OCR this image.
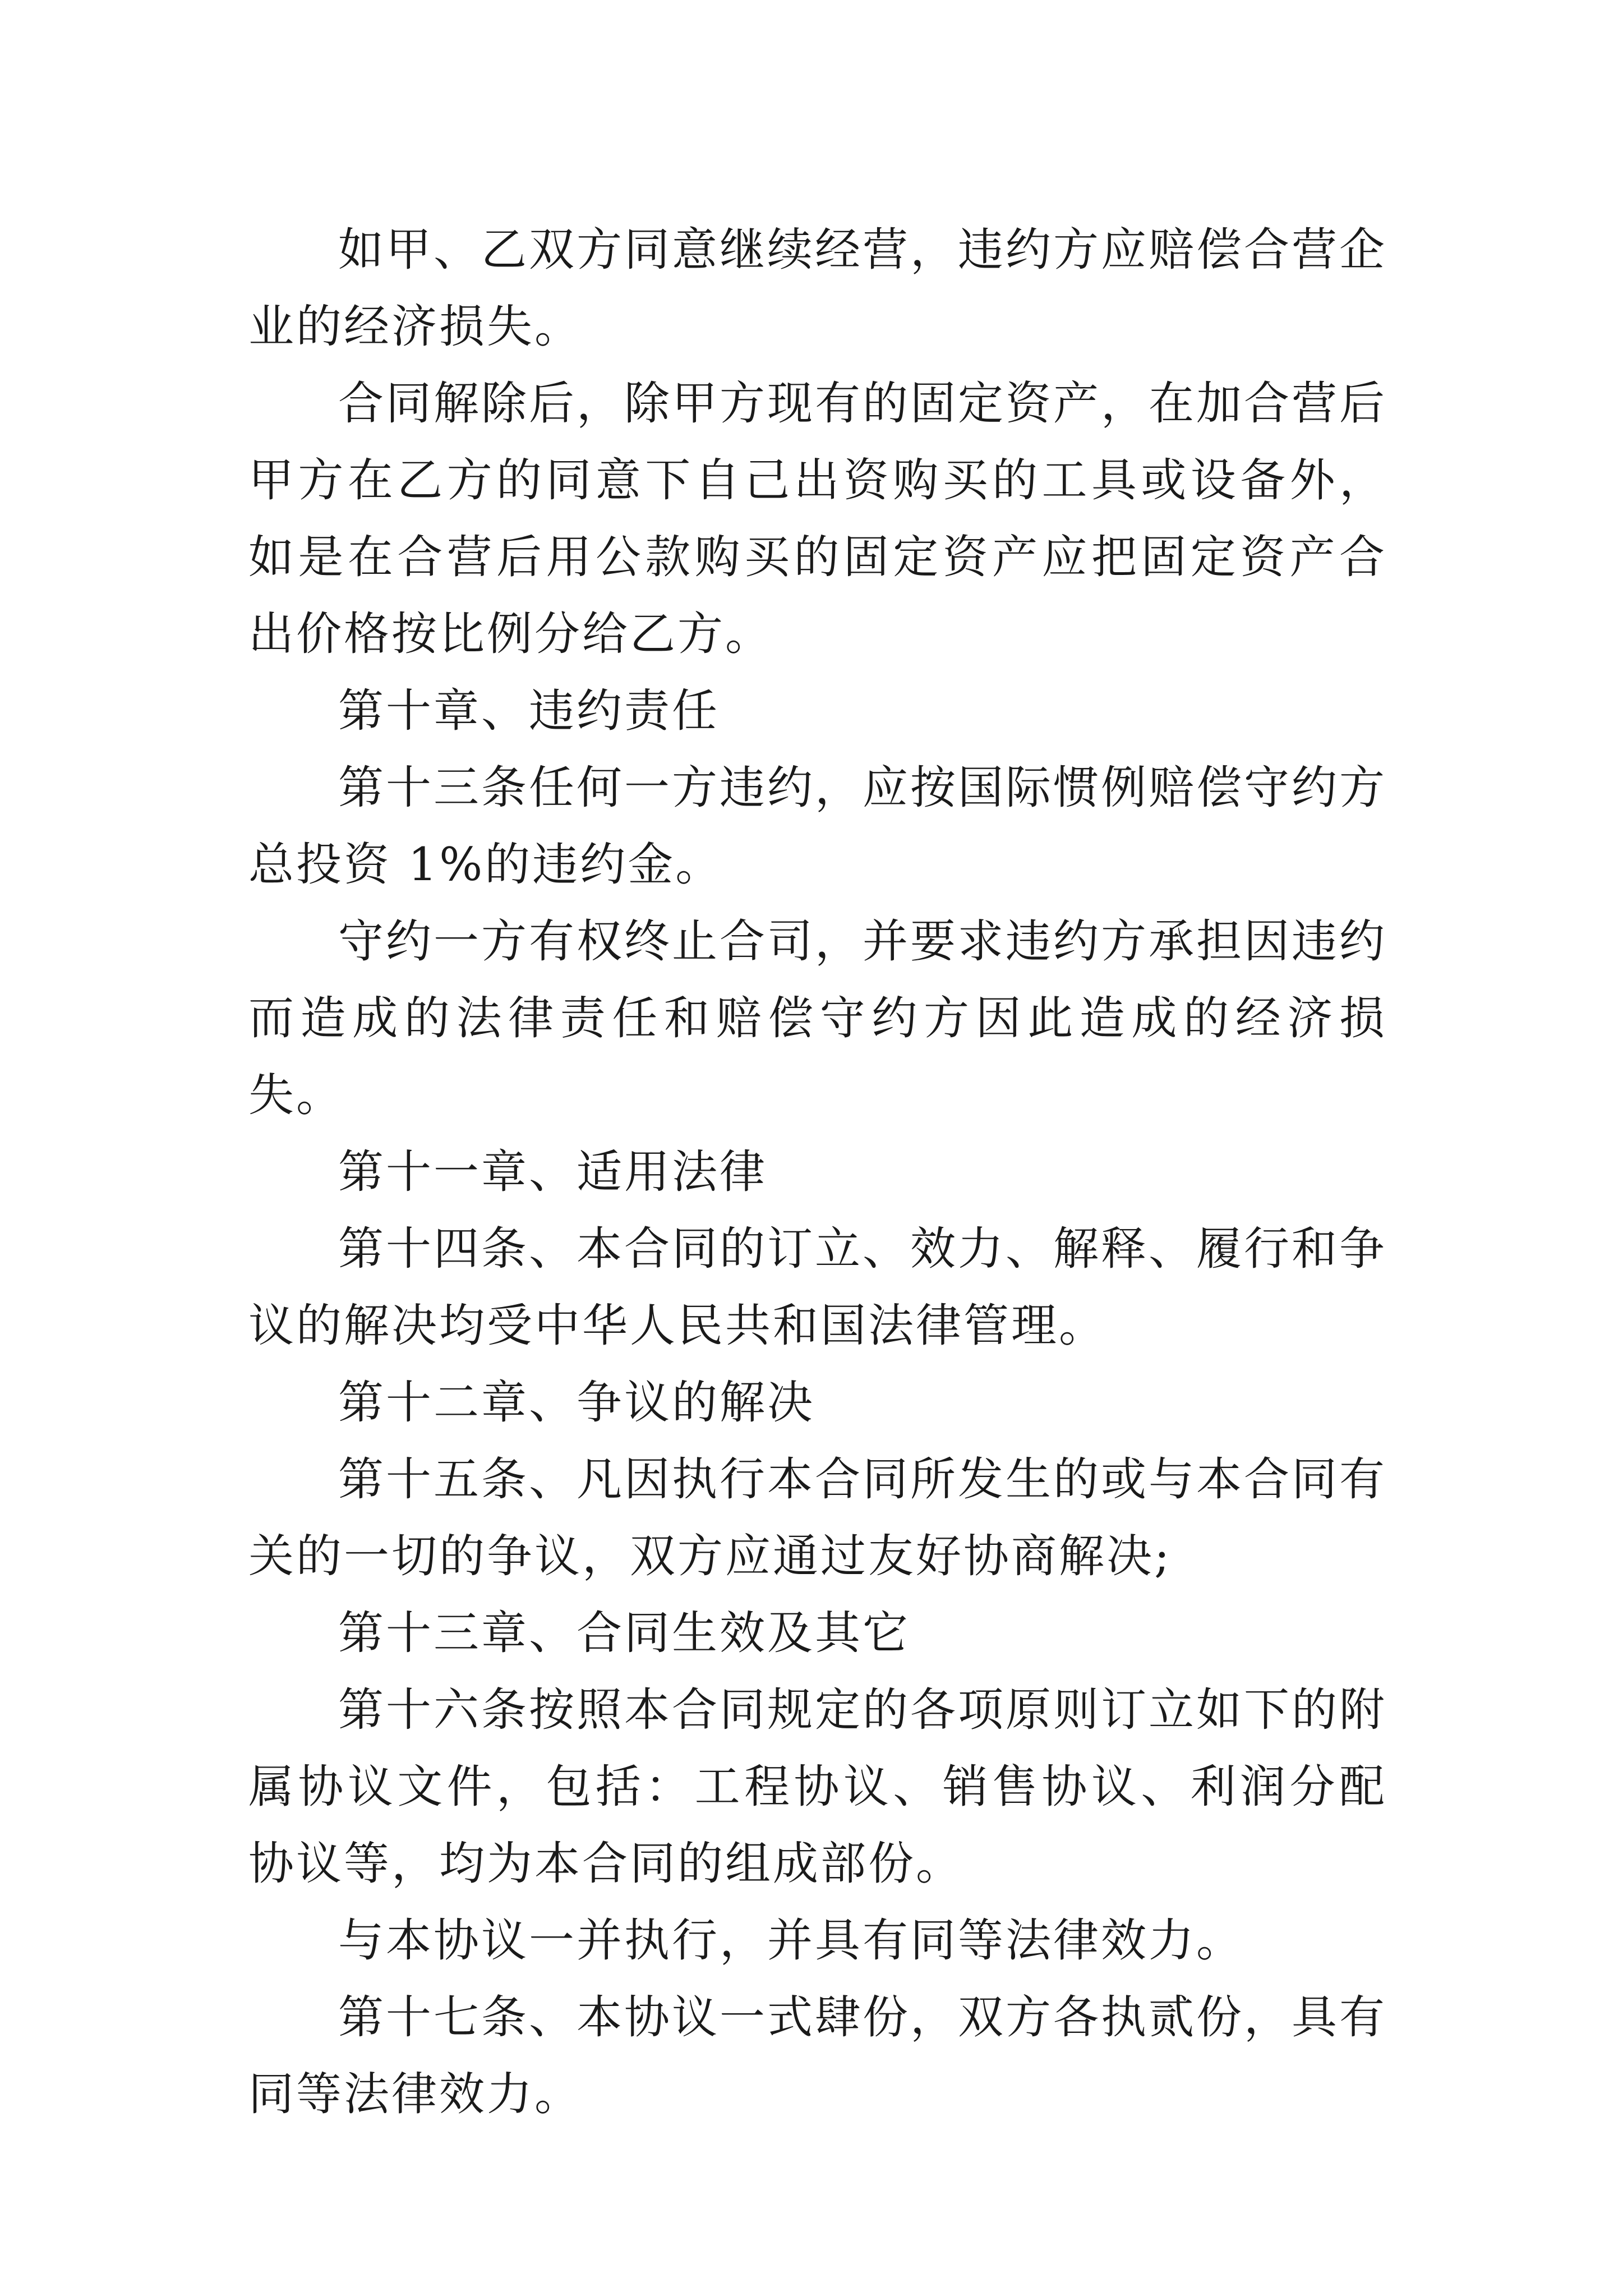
如甲、乙双方同意继续经营，违约方应赔偿合营企业的经济损失。

合同解除后，除甲方现有的固定资产，在加合营后甲方在乙方的同意下自己出资购买的工具或设备外，如是在合营后用公款购买的固定资产应把固定资产合出价格按比例分给乙方。

第十章、违约责任

第十三条任何一方违约，应按国际惯例赔偿守约方总投资 1%的违约金。

守约一方有权终止合司，并要求违约方承担因违约而造成的法律责任和赔偿守约方因此造成的经济损失。

第十一章、适用法律

第十四条、本合同的订立、效力、解释、履行和争议的解决均受中华人民共和国法律管理。

第十二章、争议的解决

第十五条、凡因执行本合同所发生的或与本合同有关的一切的争议，双方应通过友好协商解决;

第十三章、合同生效及其它

第十六条按照本合同规定的各项原则订立如下的附属协议文件，包括：工程协议、销售协议、利润分配协议等，均为本合同的组成部份。

与本协议一并执行，并具有同等法律效力。

第十七条、本协议一式肆份，双方各执贰份，具有同等法律效力。
